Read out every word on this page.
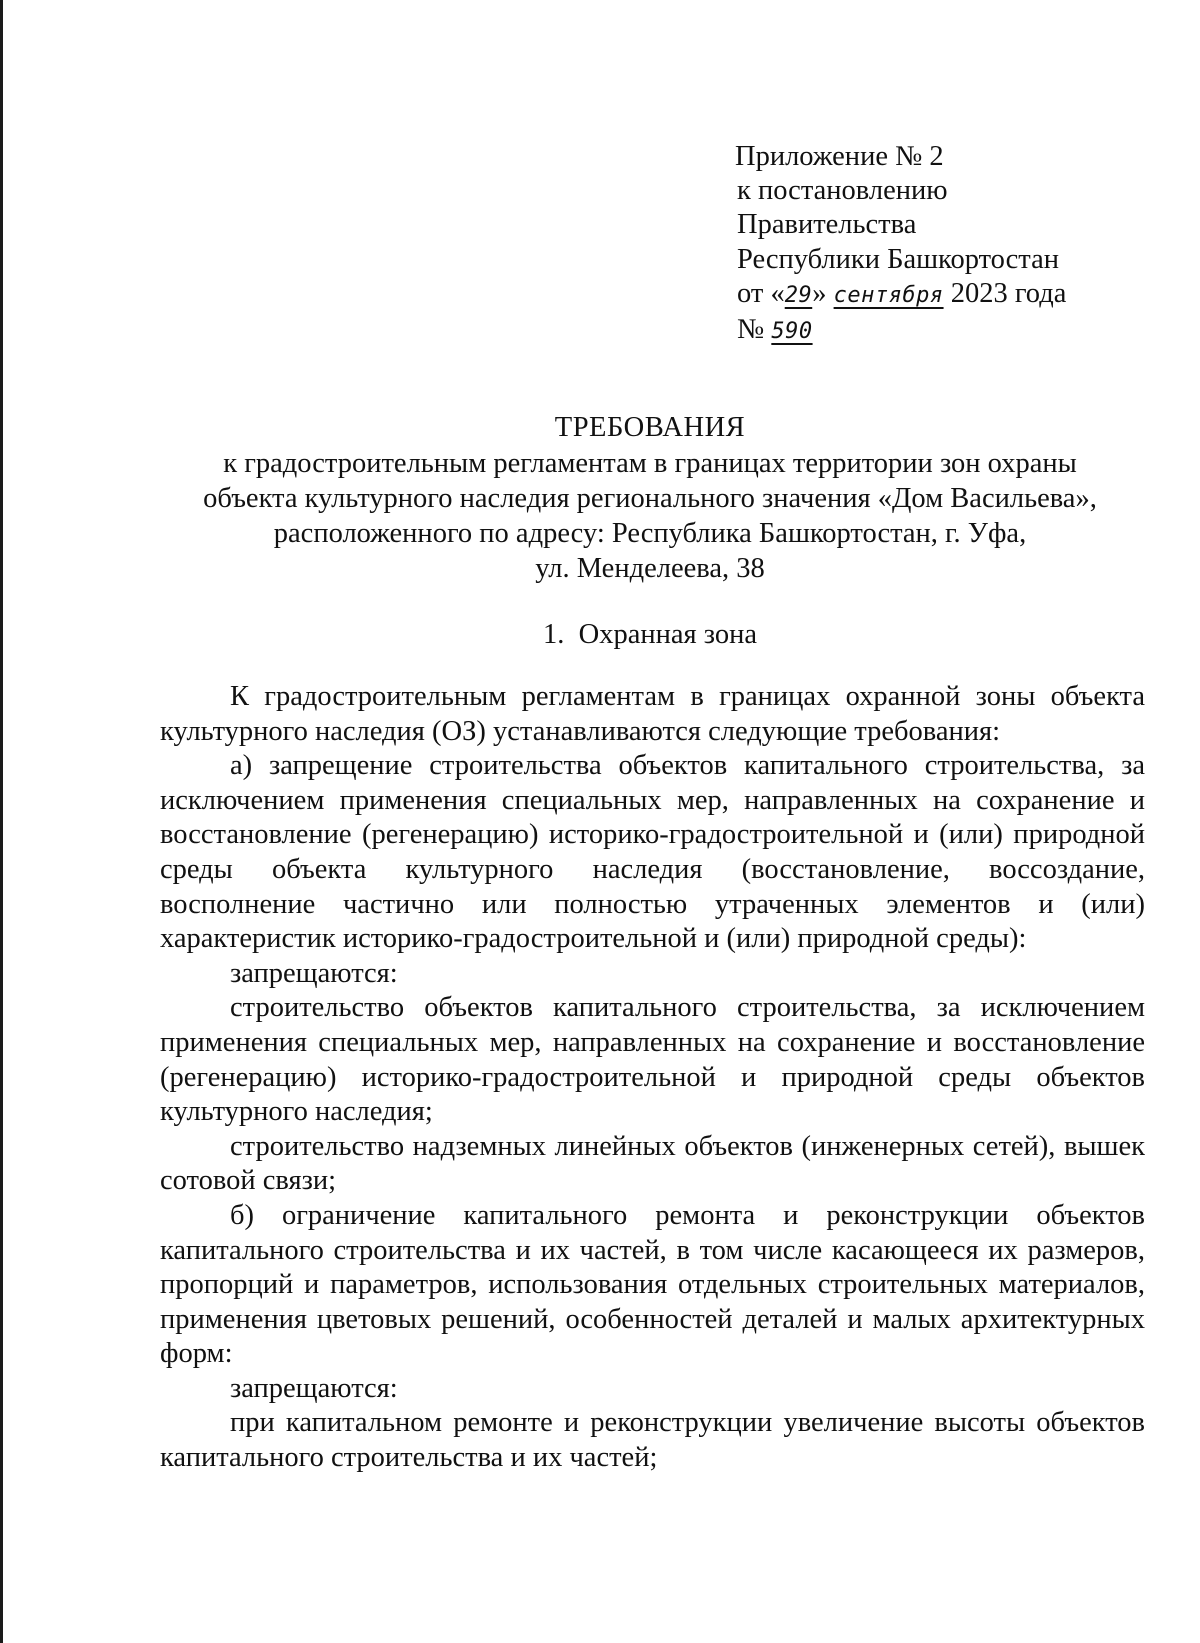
Приложение № 2
к постановлению
Правительства
Республики Башкортостан
от «29» сентября 2023 года
№ 590
ТРЕБОВАНИЯ
к градостроительным регламентам в границах территории зон охраны
объекта культурного наследия регионального значения «Дом Васильева»,
расположенного по адресу: Республика Башкортостан, г. Уфа,
ул. Менделеева, 38
1. Охранная зона

К градостроительным регламентам в границах охранной зоны объекта культурного наследия (ОЗ) устанавливаются следующие требования:

а) запрещение строительства объектов капитального строительства, за исключением применения специальных мер, направленных на сохранение и восстановление (регенерацию) историко-градостроительной и (или) природной среды объекта культурного наследия (восстановление, воссоздание, восполнение частично или полностью утраченных элементов и (или) характеристик историко-градостроительной и (или) природной среды):

запрещаются:

строительство объектов капитального строительства, за исключением применения специальных мер, направленных на сохранение и восстановление (регенерацию) историко-градостроительной и природной среды объектов культурного наследия;

строительство надземных линейных объектов (инженерных сетей), вышек сотовой связи;

б) ограничение капитального ремонта и реконструкции объектов капитального строительства и их частей, в том числе касающееся их размеров, пропорций и параметров, использования отдельных строительных материалов, применения цветовых решений, особенностей деталей и малых архитектурных форм:

запрещаются:

при капитальном ремонте и реконструкции увеличение высоты объектов капитального строительства и их частей;
